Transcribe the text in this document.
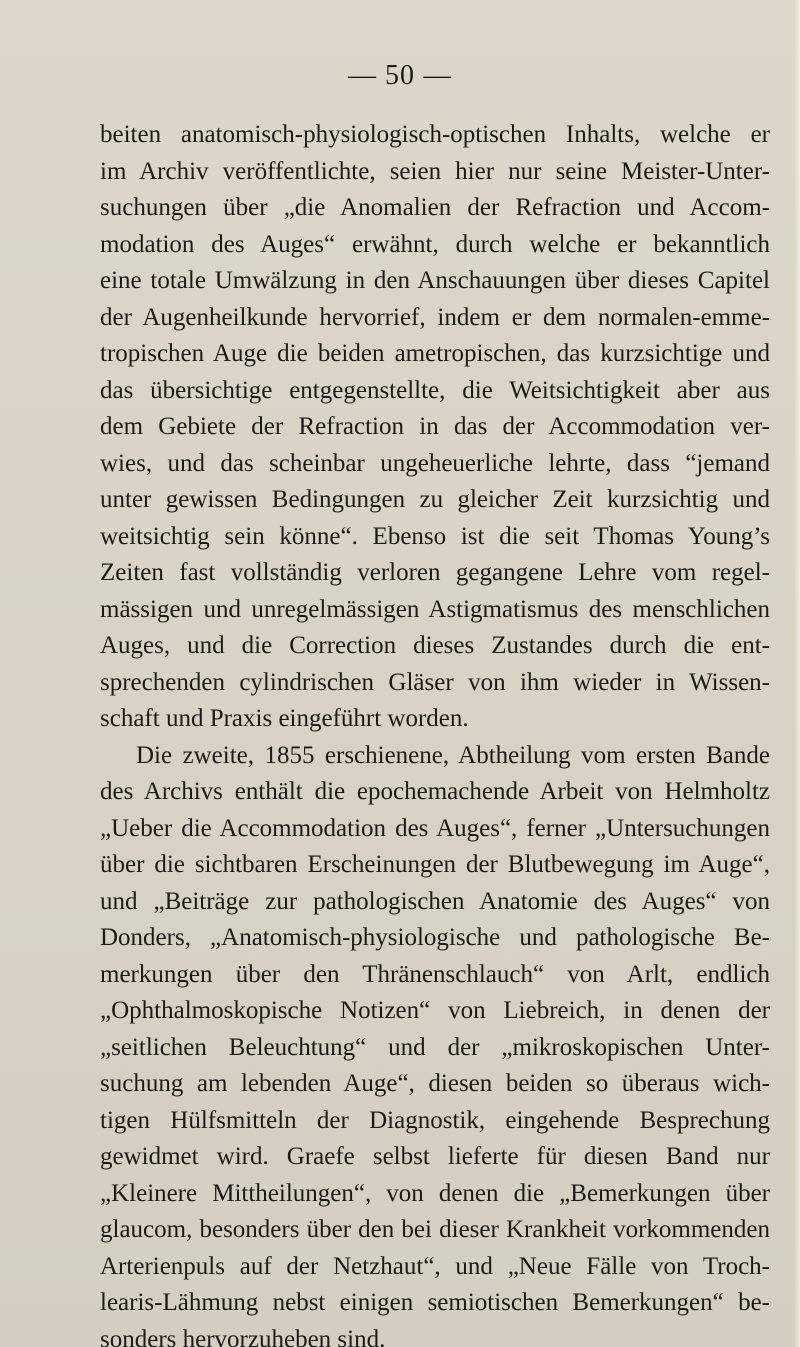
— 50 —
beiten anatomisch-physiologisch-optischen Inhalts, welche er
im Archiv veröffentlichte, seien hier nur seine Meister-Unter-
suchungen über „die Anomalien der Refraction und Accom-
modation des Auges“ erwähnt, durch welche er bekanntlich
eine totale Umwälzung in den Anschauungen über dieses Capitel
der Augenheilkunde hervorrief, indem er dem normalen-emme-
tropischen Auge die beiden ametropischen, das kurzsichtige und
das übersichtige entgegenstellte, die Weitsichtigkeit aber aus
dem Gebiete der Refraction in das der Accommodation ver-
wies, und das scheinbar ungeheuerliche lehrte, dass “jemand
unter gewissen Bedingungen zu gleicher Zeit kurzsichtig und
weitsichtig sein könne“. Ebenso ist die seit Thomas Young’s
Zeiten fast vollständig verloren gegangene Lehre vom regel-
mässigen und unregelmässigen Astigmatismus des menschlichen
Auges, und die Correction dieses Zustandes durch die ent-
sprechenden cylindrischen Gläser von ihm wieder in Wissen-
schaft und Praxis eingeführt worden.
Die zweite, 1855 erschienene, Abtheilung vom ersten Bande
des Archivs enthält die epochemachende Arbeit von Helmholtz
„Ueber die Accommodation des Auges“, ferner „Untersuchungen
über die sichtbaren Erscheinungen der Blutbewegung im Auge“,
und „Beiträge zur pathologischen Anatomie des Auges“ von
Donders, „Anatomisch-physiologische und pathologische Be-
merkungen über den Thränenschlauch“ von Arlt, endlich
„Ophthalmoskopische Notizen“ von Liebreich, in denen der
„seitlichen Beleuchtung“ und der „mikroskopischen Unter-
suchung am lebenden Auge“, diesen beiden so überaus wich-
tigen Hülfsmitteln der Diagnostik, eingehende Besprechung
gewidmet wird. Graefe selbst lieferte für diesen Band nur
„Kleinere Mittheilungen“, von denen die „Bemerkungen über
glaucom, besonders über den bei dieser Krankheit vorkommenden
Arterienpuls auf der Netzhaut“, und „Neue Fälle von Troch-
learis-Lähmung nebst einigen semiotischen Bemerkungen“ be-
sonders hervorzuheben sind.
